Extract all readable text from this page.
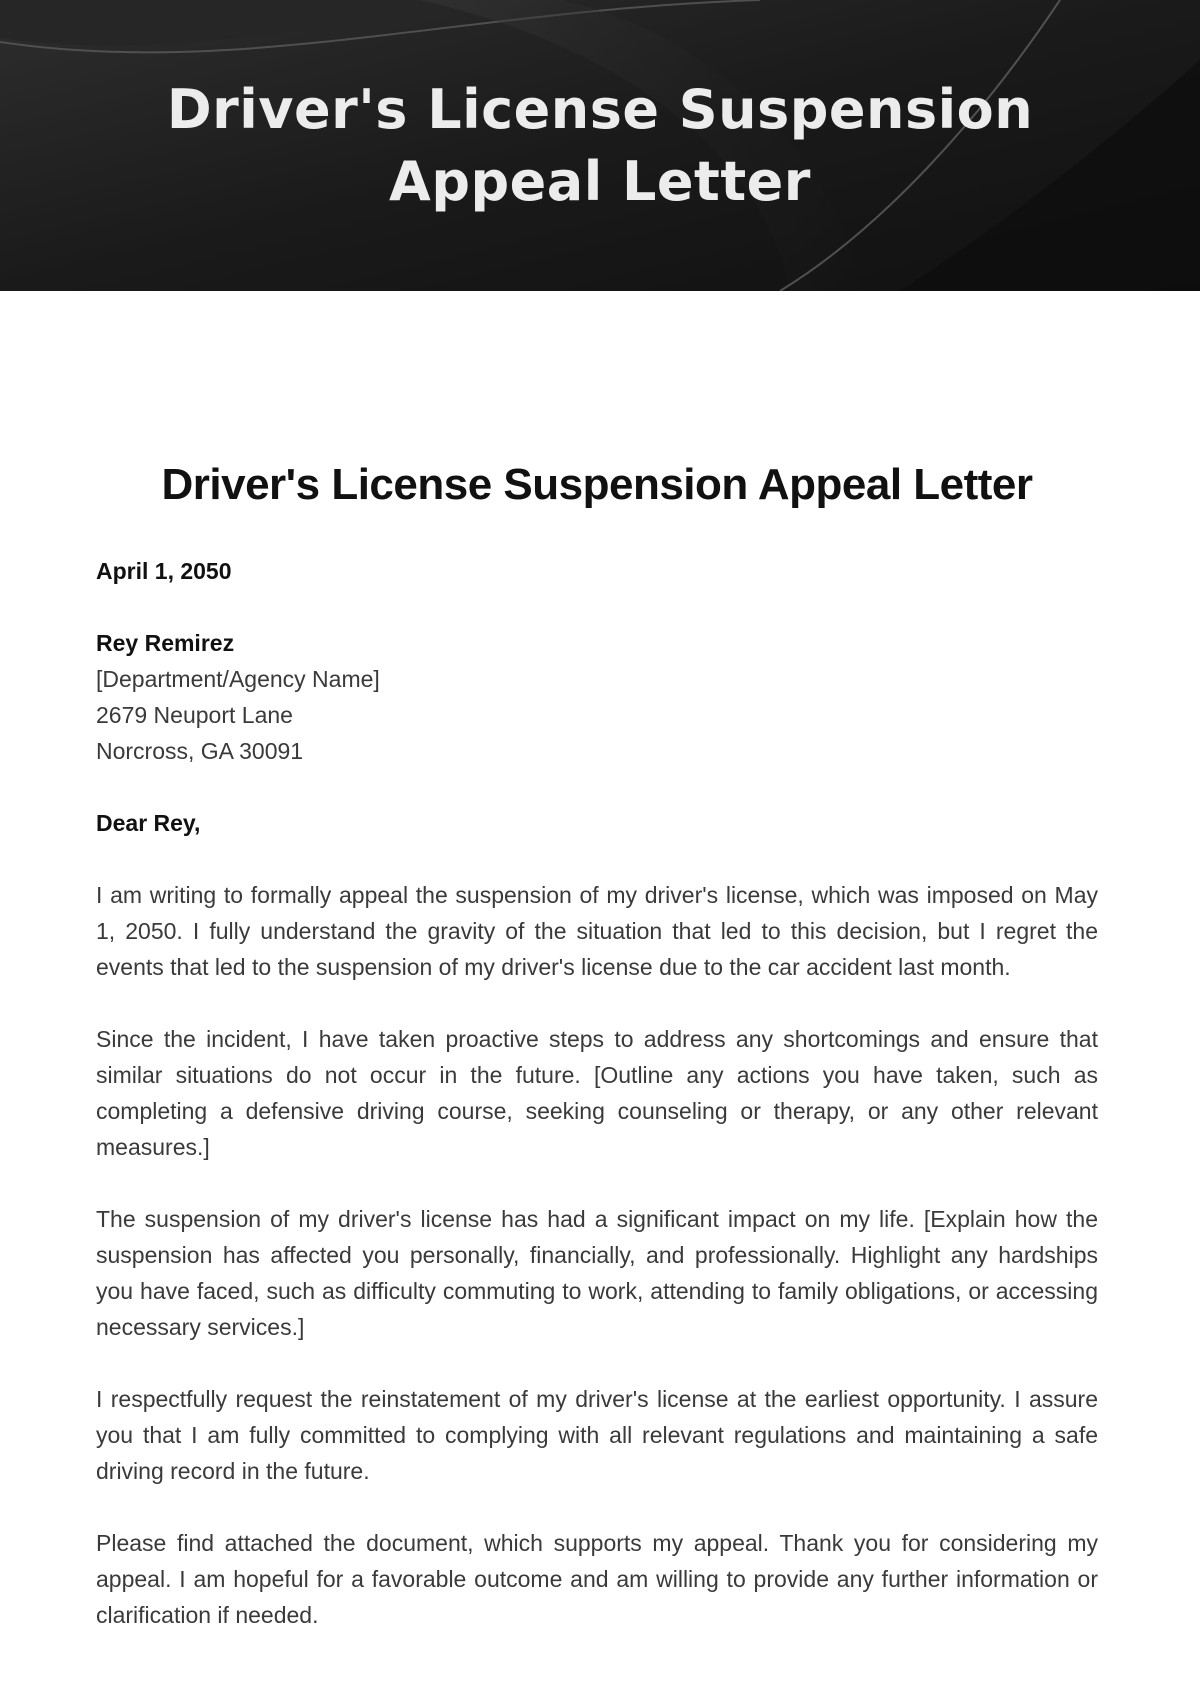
Driver's License Suspension
Appeal Letter
Driver's License Suspension Appeal Letter
April 1, 2050
Rey Remirez
[Department/Agency Name]
2679 Neuport Lane
Norcross, GA 30091
Dear Rey,

I am writing to formally appeal the suspension of my driver's license, which was imposed on May 1, 2050. I fully understand the gravity of the situation that led to this decision, but I regret the events that led to the suspension of my driver's license due to the car accident last month.

Since the incident, I have taken proactive steps to address any shortcomings and ensure that similar situations do not occur in the future. [Outline any actions you have taken, such as completing a defensive driving course, seeking counseling or therapy, or any other relevant measures.]

The suspension of my driver's license has had a significant impact on my life. [Explain how the suspension has affected you personally, financially, and professionally. Highlight any hardships you have faced, such as difficulty commuting to work, attending to family obligations, or accessing necessary services.]

I respectfully request the reinstatement of my driver's license at the earliest opportunity. I assure you that I am fully committed to complying with all relevant regulations and maintaining a safe driving record in the future.

Please find attached the document, which supports my appeal. Thank you for considering my appeal. I am hopeful for a favorable outcome and am willing to provide any further information or clarification if needed.
